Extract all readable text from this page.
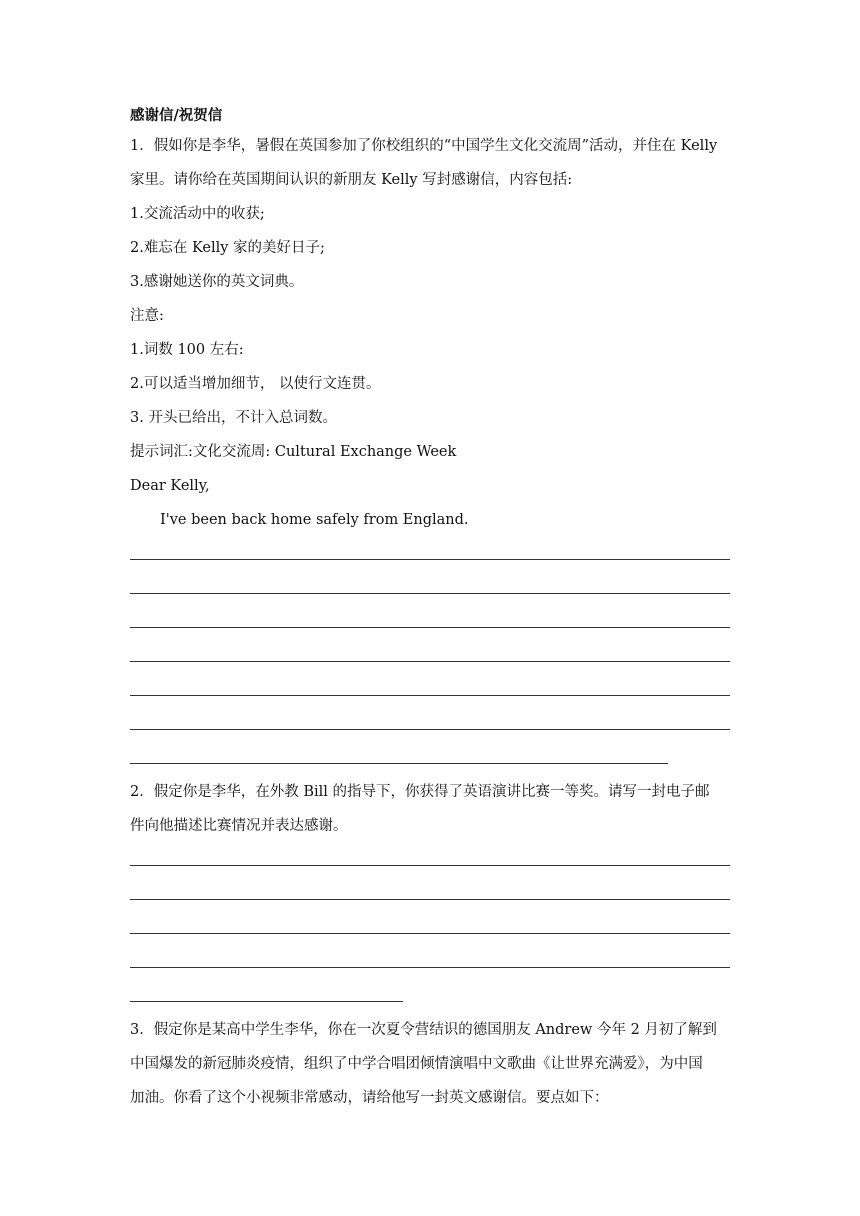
感谢信/祝贺信
1．假如你是李华，暑假在英国参加了你校组织的“中国学生文化交流周”活动，并住在 Kelly
家里。请你给在英国期间认识的新朋友 Kelly 写封感谢信，内容包括:
1.交流活动中的收获;
2.难忘在 Kelly 家的美好日子;
3.感谢她送你的英文词典。
注意:
1.词数 100 左右:
2.可以适当增加细节， 以使行文连贯。
3. 开头已给出，不计入总词数。
提示词汇:文化交流周: Cultural Exchange Week
Dear Kelly,
I've been back home safely from England.
2．假定你是李华，在外教 Bill 的指导下，你获得了英语演讲比赛一等奖。请写一封电子邮
件向他描述比赛情况并表达感谢。
3．假定你是某高中学生李华，你在一次夏令营结识的德国朋友 Andrew 今年 2 月初了解到
中国爆发的新冠肺炎疫情，组织了中学合唱团倾情演唱中文歌曲《让世界充满爱》，为中国
加油。你看了这个小视频非常感动，请给他写一封英文感谢信。要点如下：
